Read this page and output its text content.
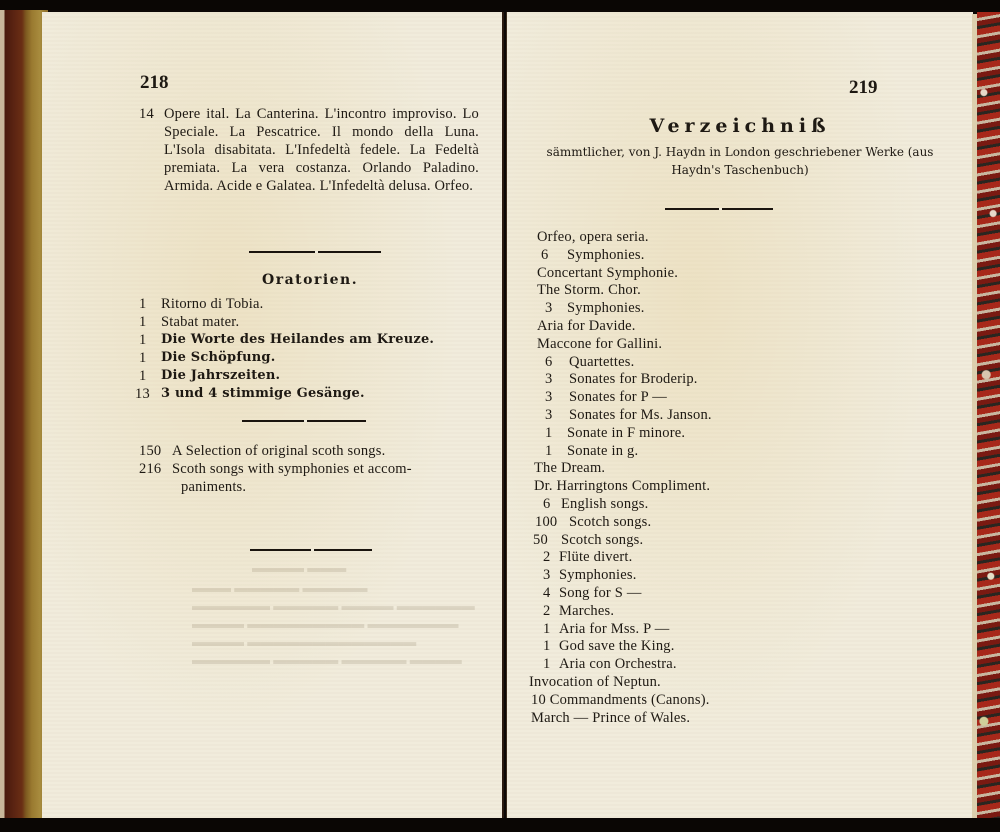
218
14 Opere ital. La Canterina. L'incontro improviso. Lo Speciale. La Pescatrice. Il mondo della Luna. L'Isola disabitata. L'Infedeltà fedele. La Fedeltà premiata. La vera costanza. Orlando Paladino. Armida. Acide e Galatea. L'Infedeltà delusa. Orfeo.
Oratorien.
1	Ritorno di Tobia.
1	Stabat mater.
1	Die Worte des Heilandes am Kreuze.
1	Die Schöpfung.
1	Die Jahrszeiten.
13 3 und 4 stimmige Gesänge.
150 A Selection of original scoth songs.
216 Scoth songs with symphonies et accom-
paniments.
▬▬▬ ▬▬▬▬
▬▬▬▬▬ ▬▬▬▬▬ ▬▬▬
▬▬▬▬▬▬ ▬▬▬▬ ▬▬▬▬▬ ▬▬▬▬▬▬
▬▬▬▬▬▬▬ ▬▬▬▬▬▬▬▬▬ ▬▬▬▬
▬▬▬▬▬▬▬▬▬▬▬▬▬ ▬▬▬▬
▬▬▬▬ ▬▬▬▬▬ ▬▬▬▬▬ ▬▬▬▬▬▬
219
Verzeichniß
sämmtlicher, von J. Haydn in London geschriebener Werke (aus Haydn's Taschenbuch)
Orfeo, opera seria.
6	Symphonies.
Concertant Symphonie.
The Storm. Chor.
3	Symphonies.
Aria for Davide.
Maccone for Gallini.
6	Quartettes.
3	Sonates for Broderip.
3	Sonates for P —
3	Sonates for Ms. Janson.
1	Sonate in F minore.
1	Sonate in g.
The Dream.
Dr. Harringtons Compliment.
6 English songs.
100 Scotch songs.
50 Scotch songs.
2 Flüte divert.
3 Symphonies.
4 Song for S —
2 Marches.
1 Aria for Mss. P —
1 God save the King.
1 Aria con Orchestra.
Invocation of Neptun.
10 Commandments (Canons).
March — Prince of Wales.
